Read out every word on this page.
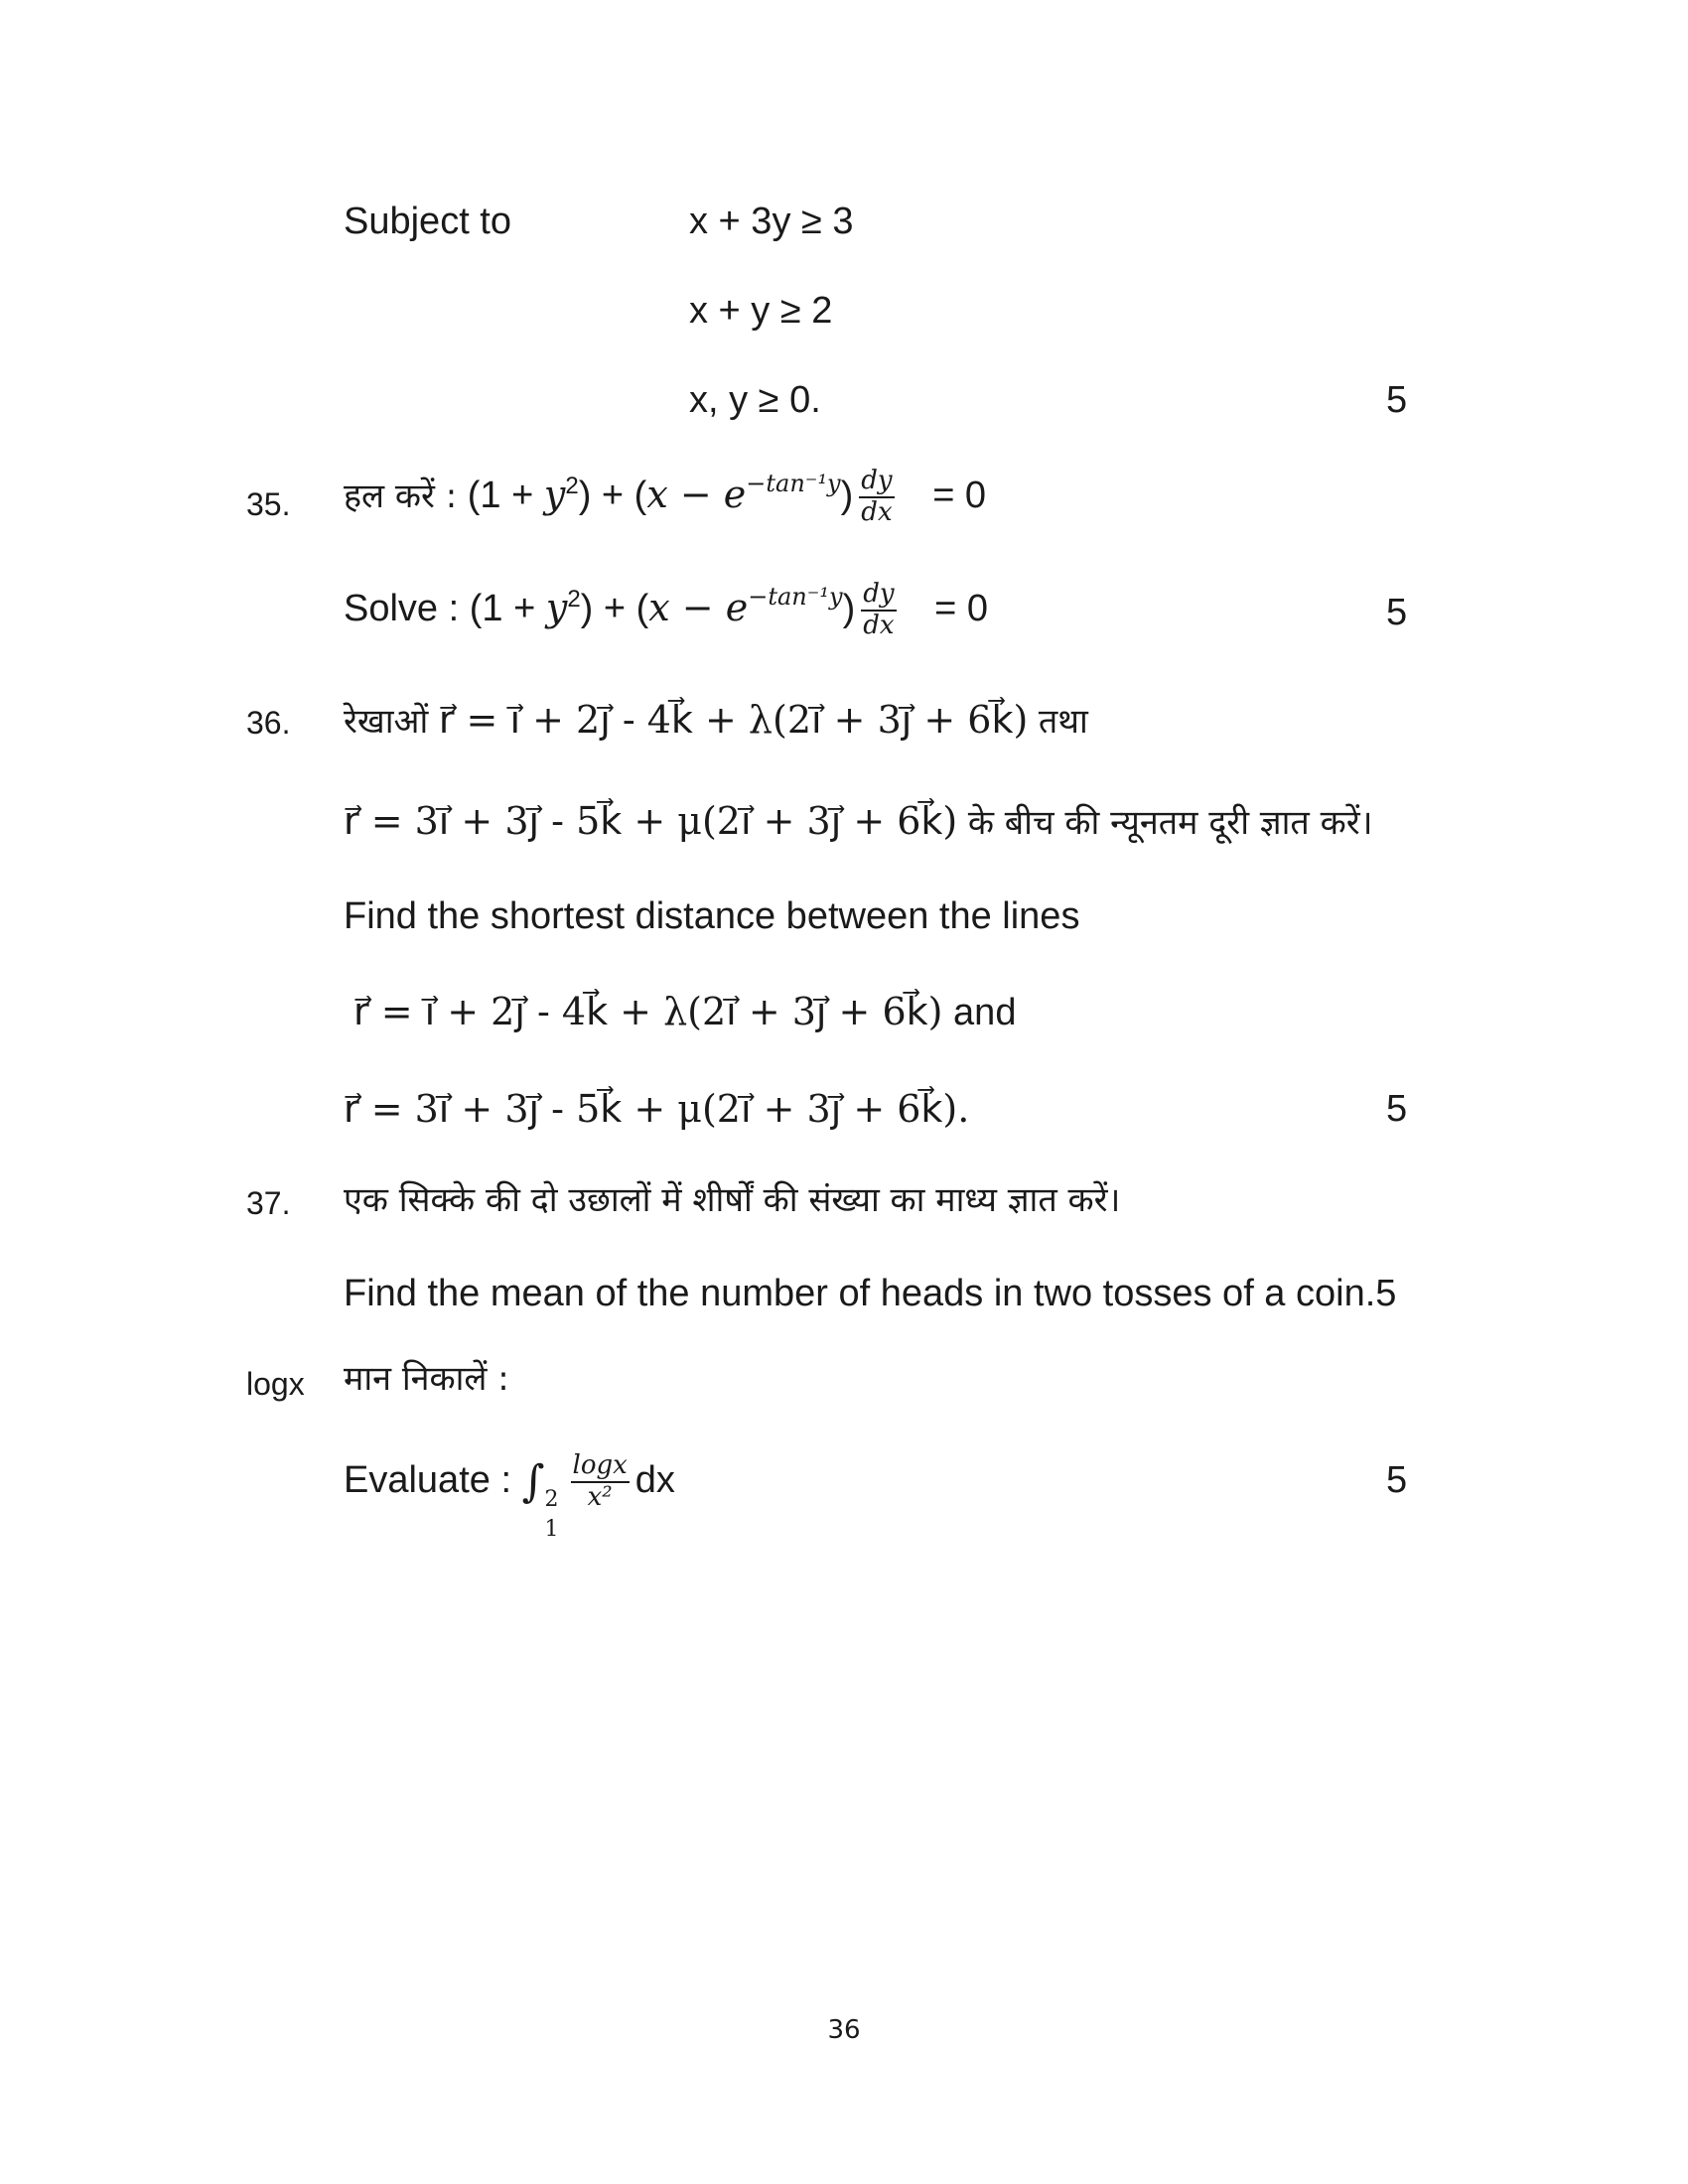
Subject to	x + 3y ≥ 3
x + y ≥ 2
x, y ≥ 0.	5
35. हल करें : $(1 + y^2) + (x - e^{-tan^{-1}y}) \frac{dy}{dx} = 0$
Solve : $(1 + y^2) + (x - e^{-tan^{-1}y}) \frac{dy}{dx} = 0$	5
36. रेखाओं r⃗ = ı⃗ + 2ȷ⃗ - 4k⃗ + λ(2ı⃗ + 3ȷ⃗ + 6k⃗) तथा
r⃗ = 3ı⃗ + 3ȷ⃗ - 5k⃗ + μ(2ı⃗ + 3ȷ⃗ + 6k⃗) के बीच की न्यूनतम दूरी ज्ञात करें।
Find the shortest distance between the lines
r⃗ = ı⃗ + 2ȷ⃗ - 4k⃗ + λ(2ı⃗ + 3ȷ⃗ + 6k⃗) and
r⃗ = 3ı⃗ + 3ȷ⃗ - 5k⃗ + μ(2ı⃗ + 3ȷ⃗ + 6k⃗).	5
37. एक सिक्के की दो उछालों में शीर्षों की संख्या का माध्य ज्ञात करें।
Find the mean of the number of heads in two tosses of a coin.5
logx मान निकालें :
Evaluate : ∫ 2
1
$\frac{\log x}{\text{x²}}$ dx	5
36
